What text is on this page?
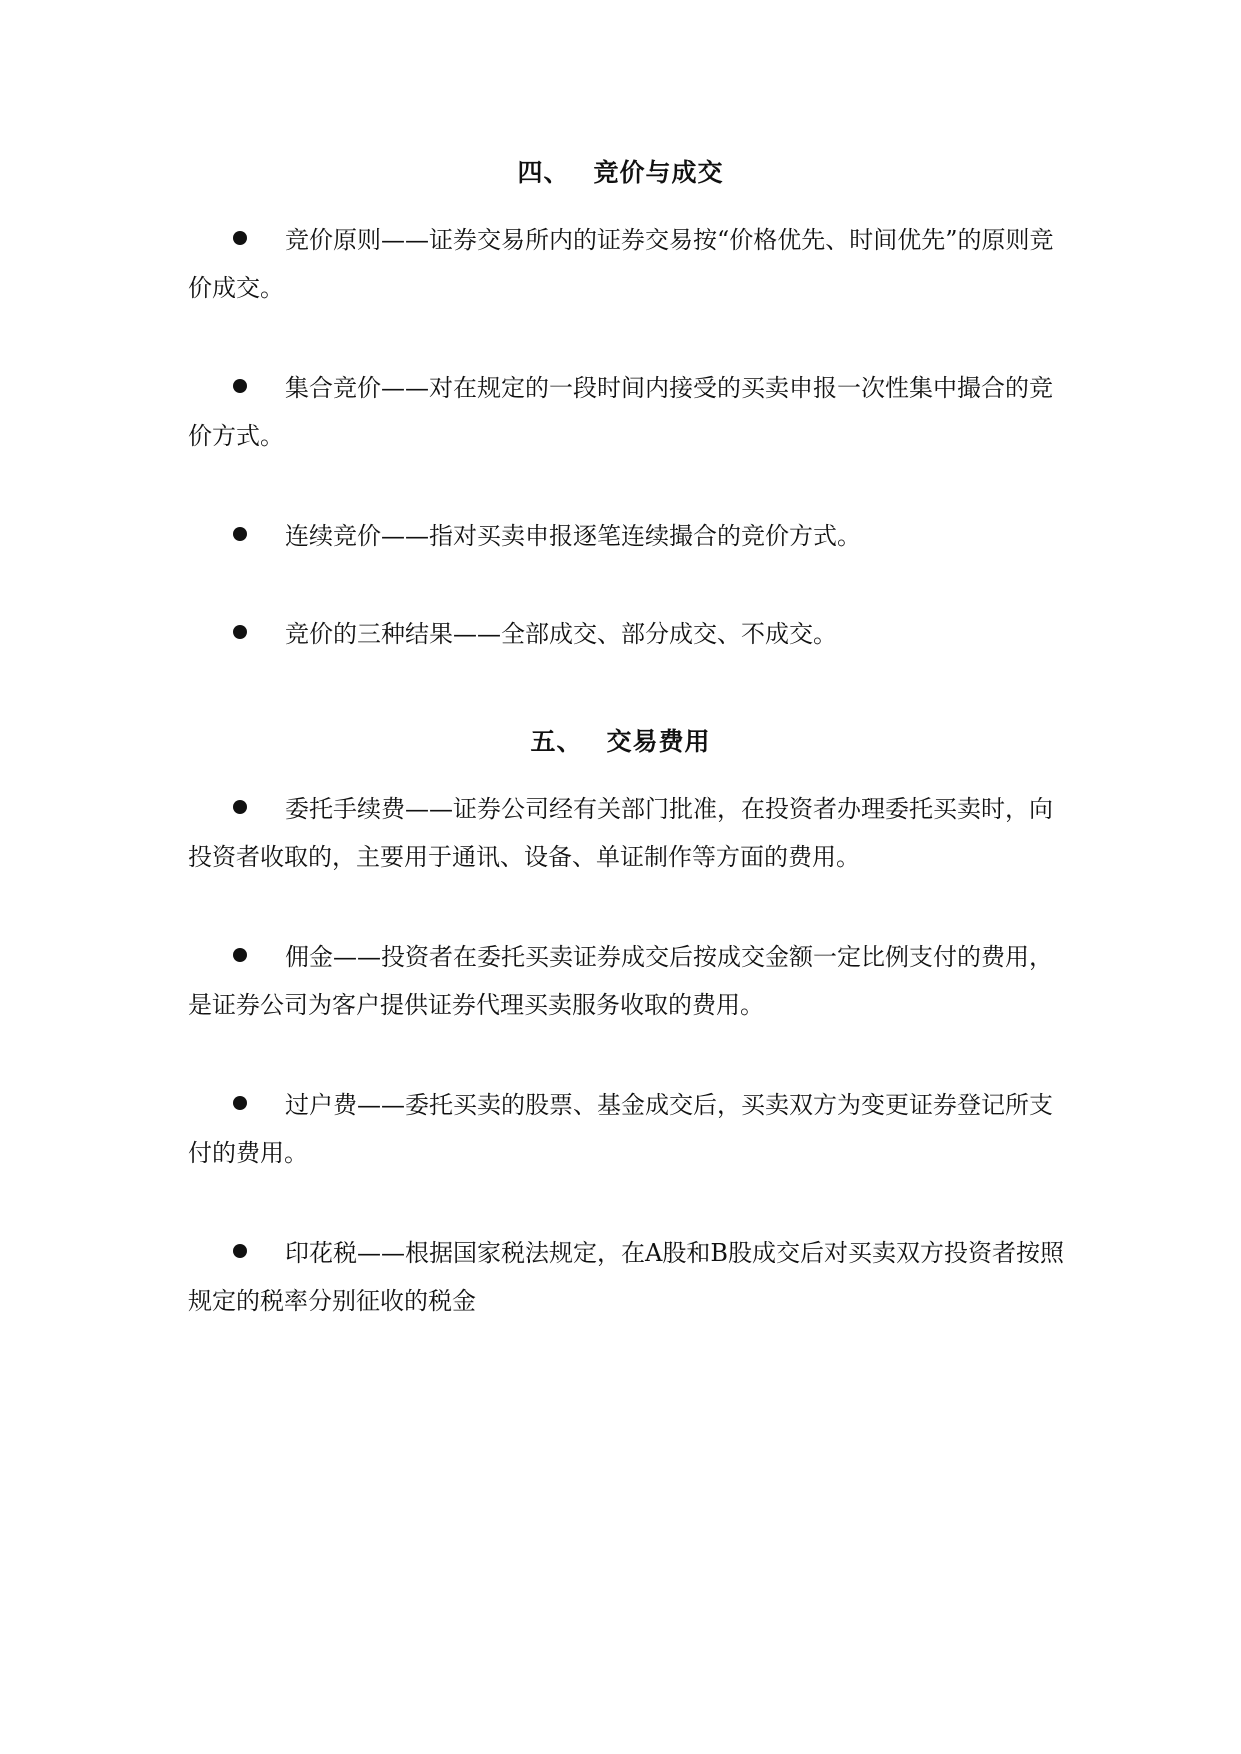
四、 竞价与成交
竞价原则——证券交易所内的证券交易按“价格优先、时间优先”的原则竞价成交。
集合竞价——对在规定的一段时间内接受的买卖申报一次性集中撮合的竞价方式。
连续竞价——指对买卖申报逐笔连续撮合的竞价方式。
竞价的三种结果——全部成交、部分成交、不成交。
五、 交易费用
委托手续费——证券公司经有关部门批准，在投资者办理委托买卖时，向投资者收取的，主要用于通讯、设备、单证制作等方面的费用。
佣金——投资者在委托买卖证券成交后按成交金额一定比例支付的费用，是证券公司为客户提供证券代理买卖服务收取的费用。
过户费——委托买卖的股票、基金成交后，买卖双方为变更证券登记所支付的费用。
印花税——根据国家税法规定，在A股和B股成交后对买卖双方投资者按照规定的税率分别征收的税金
